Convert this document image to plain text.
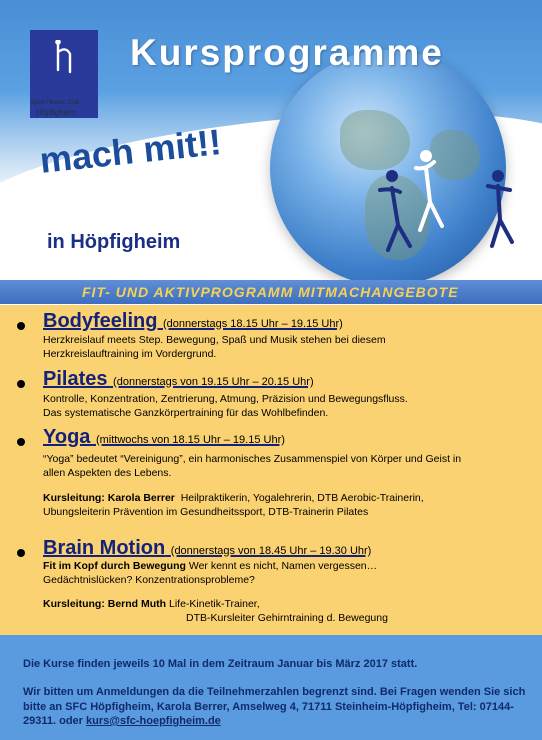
Sport Fitness Club
Höpfigheim
Kursprogramme
mach mit!!
in Höpfigheim
FIT- UND AKTIVPROGRAMM MITMACHANGEBOTE
Bodyfeeling (donnerstags 18.15 Uhr – 19.15 Uhr)
Herzkreislauf meets Step. Bewegung, Spaß und Musik stehen bei diesem
Herzkreislauftraining im Vordergrund.
Pilates (donnerstags von 19.15 Uhr – 20.15 Uhr)
Kontrolle, Konzentration, Zentrierung, Atmung, Präzision und Bewegungsfluss.
Das systematische Ganzkörpertraining für das Wohlbefinden.
Yoga (mittwochs von 18.15 Uhr – 19.15 Uhr)
“Yoga” bedeutet “Vereinigung”, ein harmonisches Zusammenspiel von Körper und Geist in
allen Aspekten des Lebens.
Kursleitung: Karola Berrer Heilpraktikerin, Yogalehrerin, DTB Aerobic-Trainerin,
Ubungsleiterin Prävention im Gesundheitssport, DTB-Trainerin Pilates
Brain Motion (donnerstags von 18.45 Uhr – 19.30 Uhr)
Fit im Kopf durch Bewegung Wer kennt es nicht, Namen vergessen…
Gedächtnislücken? Konzentrationsprobleme?
Kursleitung: Bernd Muth Life-Kinetik-Trainer,
DTB-Kursleiter Gehirntraining d. Bewegung
Die Kurse finden jeweils 10 Mal in dem Zeitraum Januar bis März 2017 statt.
Wir bitten um Anmeldungen da die Teilnehmerzahlen begrenzt sind. Bei Fragen wenden Sie sich bitte an SFC Höpfigheim, Karola Berrer, Amselweg 4, 71711 Steinheim-Höpfigheim, Tel: 07144-29311. oder kurs@sfc-hoepfigheim.de
